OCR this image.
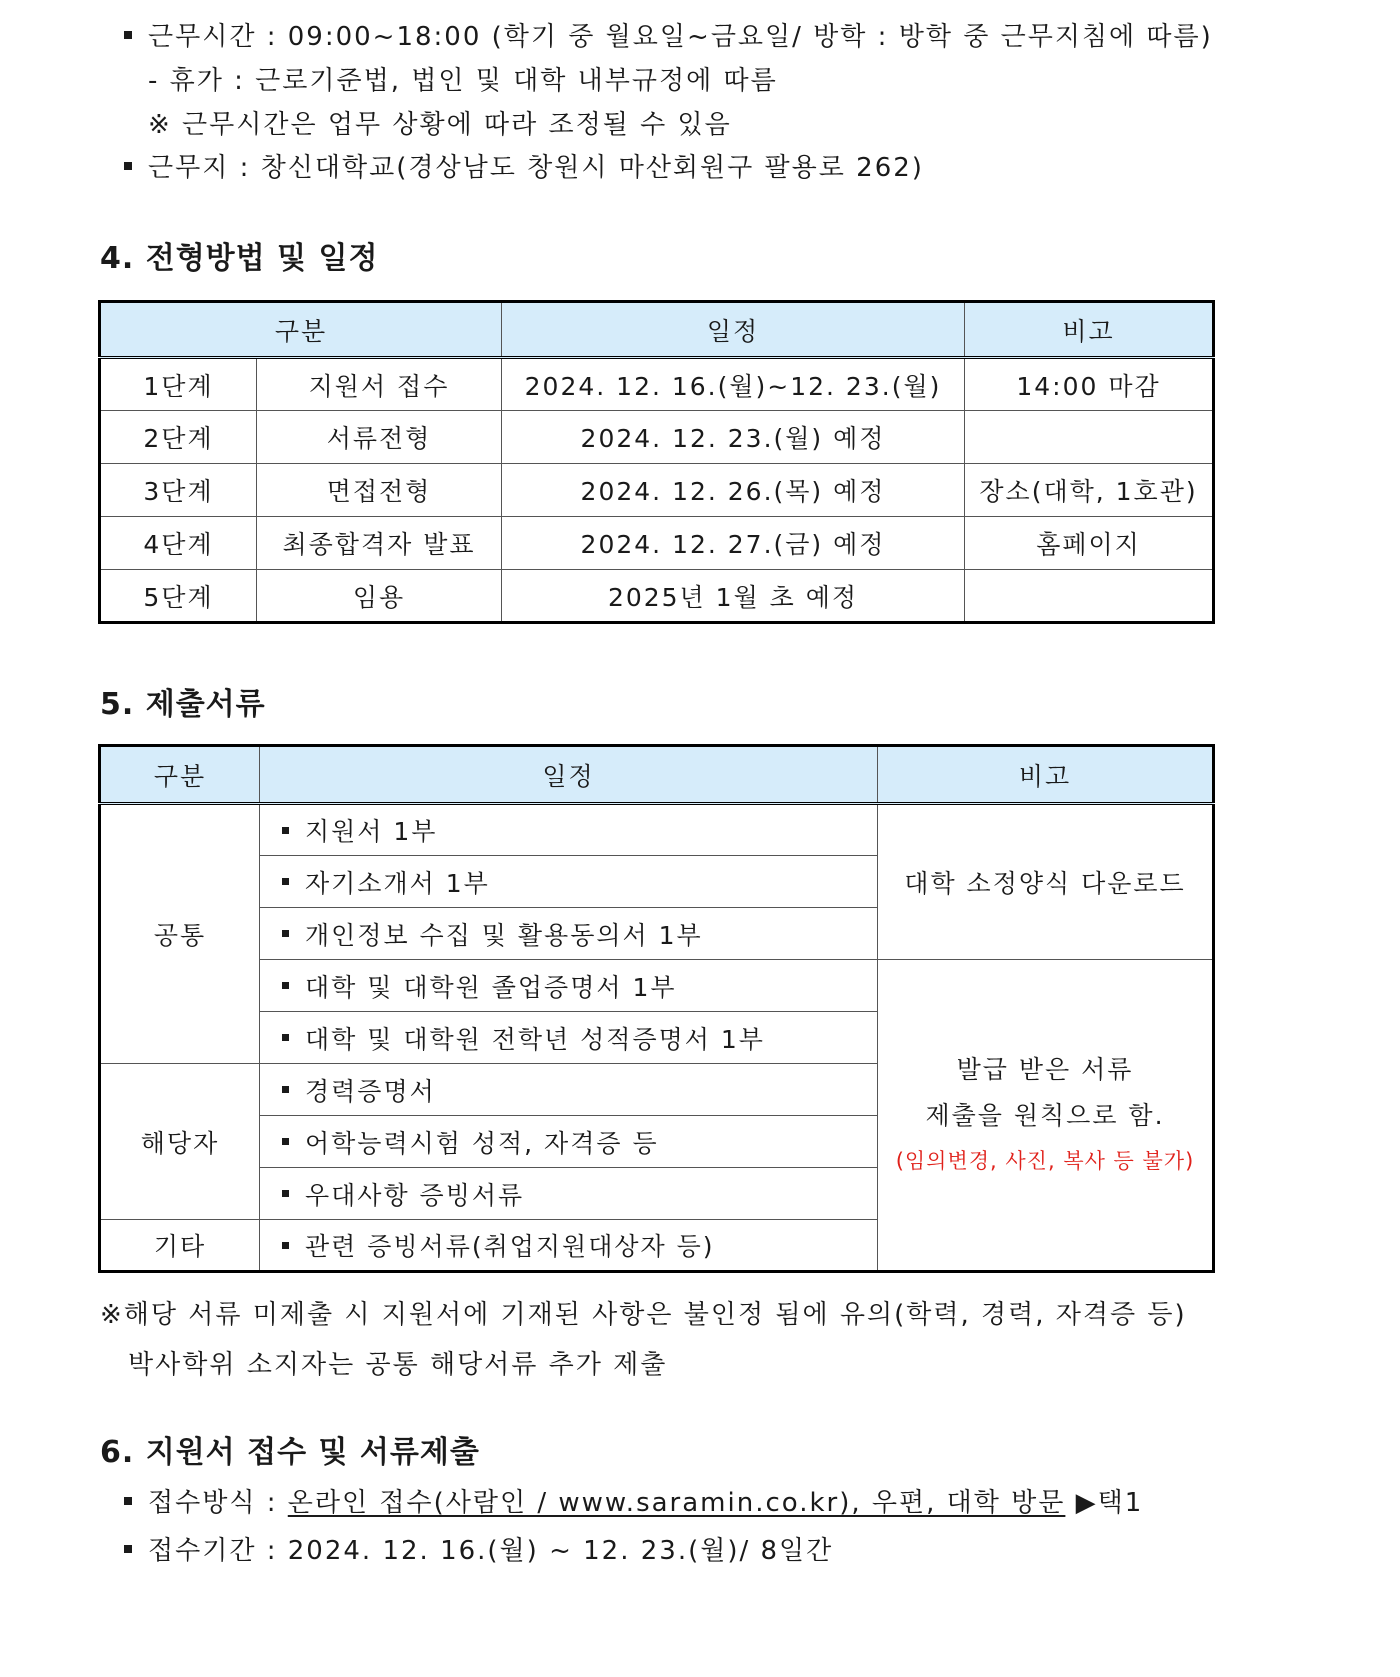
근무시간 : 09:00~18:00 (학기 중 월요일~금요일/ 방학 : 방학 중 근무지침에 따름)
- 휴가 : 근로기준법, 법인 및 대학 내부규정에 따름
※ 근무시간은 업무 상황에 따라 조정될 수 있음
근무지 : 창신대학교(경상남도 창원시 마산회원구 팔용로 262)
4. 전형방법 및 일정
구분		일정	비고
1단계	지원서 접수	2024. 12. 16.(월)~12. 23.(월)	14:00 마감
2단계	서류전형	2024. 12. 23.(월) 예정	
3단계	면접전형	2024. 12. 26.(목) 예정	장소(대학, 1호관)
4단계	최종합격자 발표	2024. 12. 27.(금) 예정	홈페이지
5단계	임용	2025년 1월 초 예정	
5. 제출서류
구분	일정	비고
공통	지원서 1부	대학 소정양식 다운로드
	자기소개서 1부	
	개인정보 수집 및 활용동의서 1부	
	대학 및 대학원 졸업증명서 1부	발급 받은 서류
제출을 원칙으로 함.
(임의변경, 사진, 복사 등 불가)

	대학 및 대학원 전학년 성적증명서 1부	
해당자	경력증명서	
	어학능력시험 성적, 자격증 등	
	우대사항 증빙서류	
기타	관련 증빙서류(취업지원대상자 등)	
※해당 서류 미제출 시 지원서에 기재된 사항은 불인정 됨에 유의(학력, 경력, 자격증 등)
박사학위 소지자는 공통 해당서류 추가 제출
6. 지원서 접수 및 서류제출
접수방식 : 온라인 접수(사람인 / www.saramin.co.kr), 우편, 대학 방문 ▶택1
접수기간 : 2024. 12. 16.(월) ~ 12. 23.(월)/ 8일간
